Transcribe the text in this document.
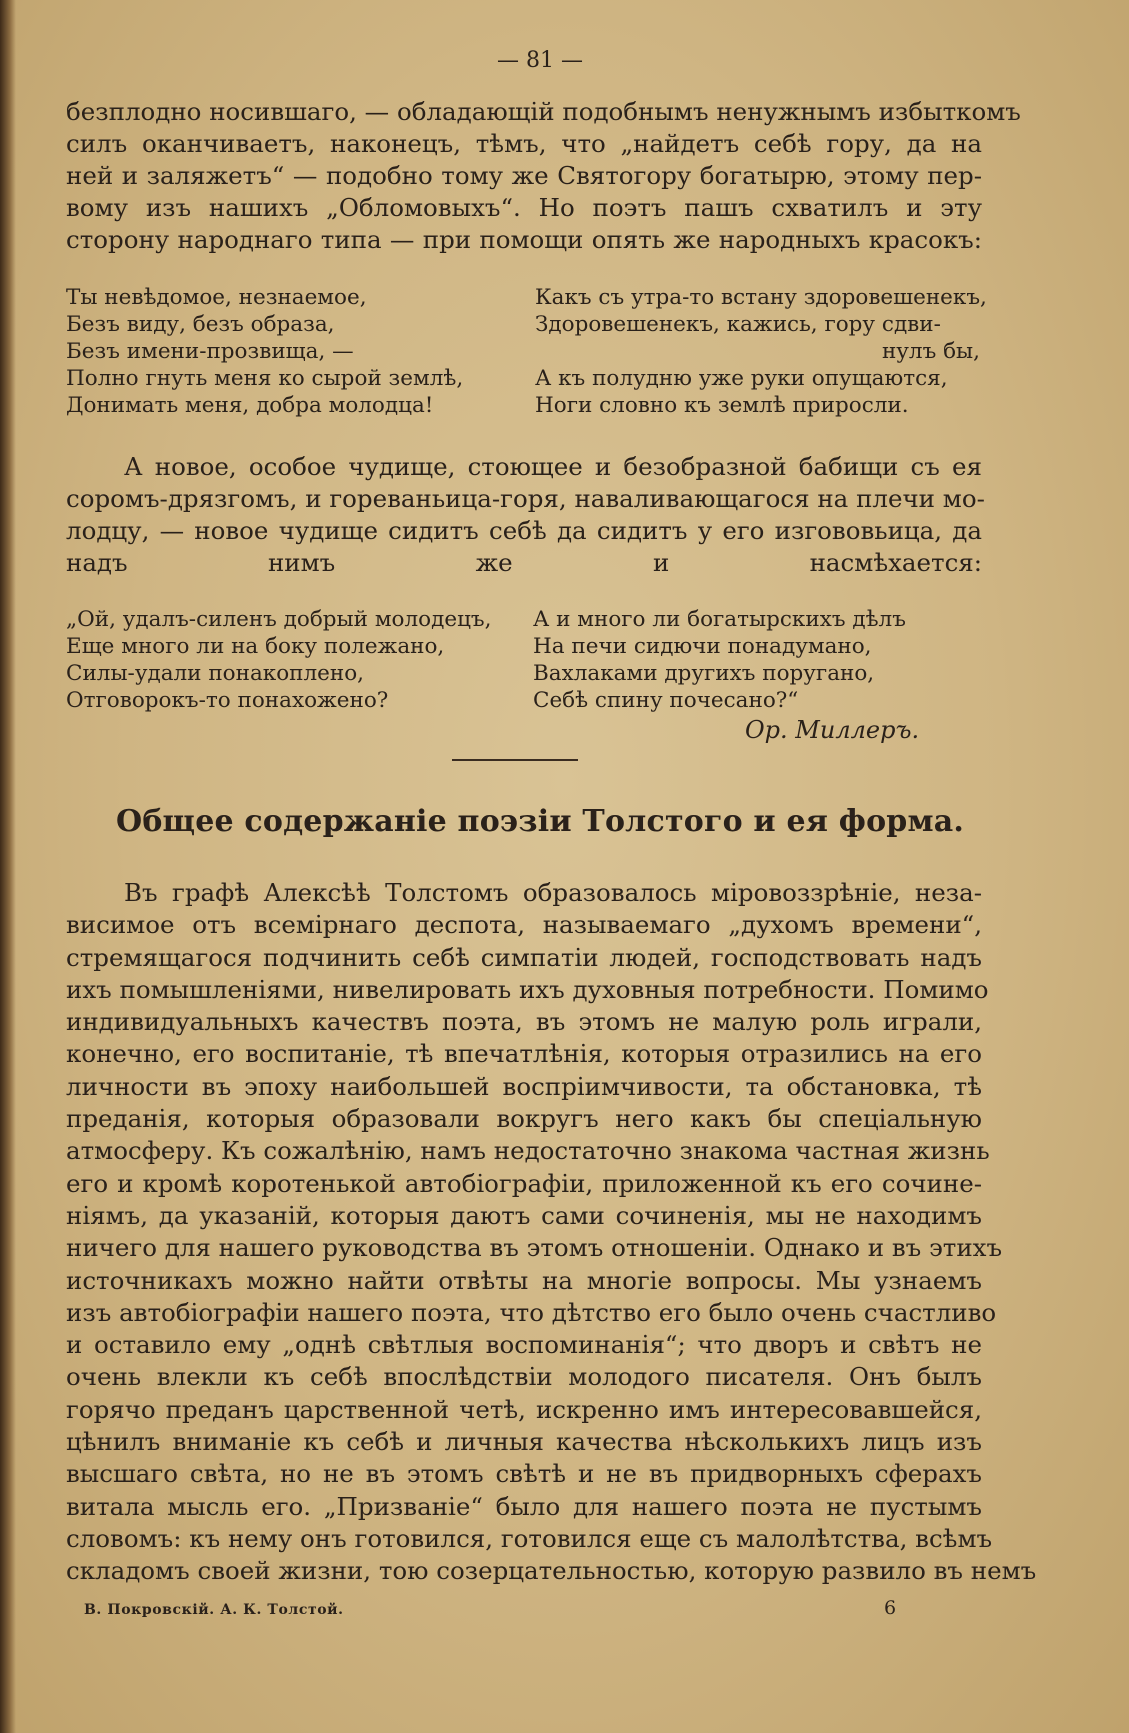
— 81 —
безплодно носившаго, — обладающій подобнымъ ненужнымъ избыткомъ
силъ оканчиваетъ, наконецъ, тѣмъ, что „найдетъ себѣ гору, да на
ней и заляжетъ“ — подобно тому же Святогору богатырю, этому пер-
вому изъ нашихъ „Обломовыхъ“. Но поэтъ пашъ схватилъ и эту
сторону народнаго типа — при помощи опять же народныхъ красокъ:
Ты невѣдомое, незнаемое,
Безъ виду, безъ образа,
Безъ имени-прозвища, —
Полно гнуть меня ко сырой землѣ,
Донимать меня, добра молодца!
Какъ съ утра-то встану здоровешенекъ,
Здоровешенекъ, кажись, гору сдви-
нулъ бы,
А къ полудню уже руки опущаются,
Ноги словно къ землѣ приросли.
А новое, особое чудище, стоющее и безобразной бабищи съ ея
соромъ-дрязгомъ, и гореваньица-горя, наваливающагося на плечи мо-
лодцу, — новое чудище сидитъ себѣ да сидитъ у его изгововьица, да
надъ нимъ же и насмѣхается:
„Ой, удалъ-силенъ добрый молодецъ,
Еще много ли на боку полежано,
Силы-удали понакоплено,
Отговорокъ-то понахожено?
А и много ли богатырскихъ дѣлъ
На печи сидючи понадумано,
Вахлаками другихъ поругано,
Себѣ спину почесано?“
Ор. Миллеръ.
Общее содержаніе поэзіи Толстого и ея форма.
Въ графѣ Алексѣѣ Толстомъ образовалось міровоззрѣніе, неза-
висимое отъ всемірнаго деспота, называемаго „духомъ времени“,
стремящагося подчинить себѣ симпатіи людей, господствовать надъ
ихъ помышленіями, нивелировать ихъ духовныя потребности. Помимо
индивидуальныхъ качествъ поэта, въ этомъ не малую роль играли,
конечно, его воспитаніе, тѣ впечатлѣнія, которыя отразились на его
личности въ эпоху наибольшей воспріимчивости, та обстановка, тѣ
преданія, которыя образовали вокругъ него какъ бы спеціальную
атмосферу. Къ сожалѣнію, намъ недостаточно знакома частная жизнь
его и кромѣ коротенькой автобіографіи, приложенной къ его сочине-
ніямъ, да указаній, которыя даютъ сами сочиненія, мы не находимъ
ничего для нашего руководства въ этомъ отношеніи. Однако и въ этихъ
источникахъ можно найти отвѣты на многіе вопросы. Мы узнаемъ
изъ автобіографіи нашего поэта, что дѣтство его было очень счастливо
и оставило ему „однѣ свѣтлыя воспоминанія“; что дворъ и свѣтъ не
очень влекли къ себѣ впослѣдствіи молодого писателя. Онъ былъ
горячо преданъ царственной четѣ, искренно имъ интересовавшейся,
цѣнилъ вниманіе къ себѣ и личныя качества нѣсколькихъ лицъ изъ
высшаго свѣта, но не въ этомъ свѣтѣ и не въ придворныхъ сферахъ
витала мысль его. „Призваніе“ было для нашего поэта не пустымъ
словомъ: къ нему онъ готовился, готовился еще съ малолѣтства, всѣмъ
складомъ своей жизни, тою созерцательностью, которую развило въ немъ
В. Покровскій. А. К. Толстой.	6
